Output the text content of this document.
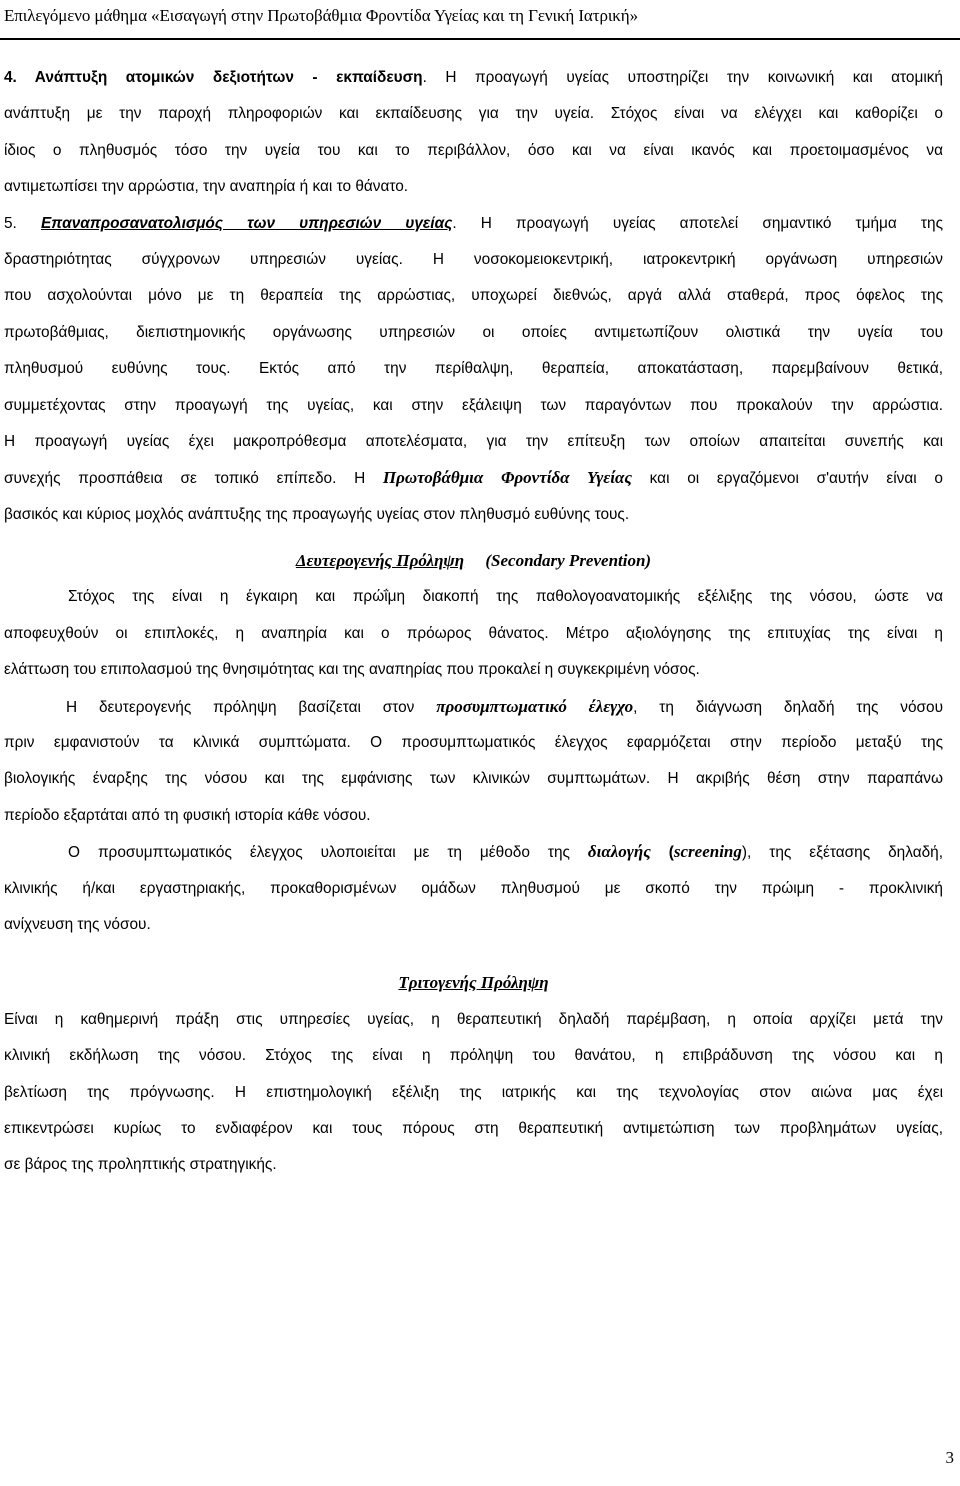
Επιλεγόμενο μάθημα «Εισαγωγή στην Πρωτοβάθμια Φροντίδα Υγείας και τη Γενική Ιατρική»
4. Ανάπτυξη ατομικών δεξιοτήτων - εκπαίδευση. Η προαγωγή υγείας υποστηρίζει την κοινωνική και ατομική
ανάπτυξη με την παροχή πληροφοριών και εκπαίδευσης για την υγεία. Στόχος είναι να ελέγχει και καθορίζει ο
ίδιος ο πληθυσμός τόσο την υγεία του και το περιβάλλον, όσο και να είναι ικανός και προετοιμασμένος να
αντιμετωπίσει την αρρώστια, την αναπηρία ή και το θάνατο.
5. Επαναπροσανατολισμός των υπηρεσιών υγείας. Η προαγωγή υγείας αποτελεί σημαντικό τμήμα της
δραστηριότητας σύγχρονων υπηρεσιών υγείας. Η νοσοκομειοκεντρική, ιατροκεντρική οργάνωση υπηρεσιών
που ασχολούνται μόνο με τη θεραπεία της αρρώστιας, υποχωρεί διεθνώς, αργά αλλά σταθερά, προς όφελος της
πρωτοβάθμιας, διεπιστημονικής οργάνωσης υπηρεσιών οι οποίες αντιμετωπίζουν ολιστικά την υγεία του
πληθυσμού ευθύνης τους. Εκτός από την περίθαλψη, θεραπεία, αποκατάσταση, παρεμβαίνουν θετικά,
συμμετέχοντας στην προαγωγή της υγείας, και στην εξάλειψη των παραγόντων που προκαλούν την αρρώστια.
Η προαγωγή υγείας έχει μακροπρόθεσμα αποτελέσματα, για την επίτευξη των οποίων απαιτείται συνεπής και
συνεχής προσπάθεια σε τοπικό επίπεδο. Η Πρωτοβάθμια Φροντίδα Υγείας και οι εργαζόμενοι σ'αυτήν είναι ο
βασικός και κύριος μοχλός ανάπτυξης της προαγωγής υγείας στον πληθυσμό ευθύνης τους.
Δευτερογενής Πρόληψη (Secondary Prevention)
Στόχος της είναι η έγκαιρη και πρώΐμη διακοπή της παθολογοανατομικής εξέλιξης της νόσου, ώστε να
αποφευχθούν οι επιπλοκές, η αναπηρία και ο πρόωρος θάνατος. Μέτρο αξιολόγησης της επιτυχίας της είναι η
ελάττωση του επιπολασμού της θνησιμότητας και της αναπηρίας που προκαλεί η συγκεκριμένη νόσος.
Η δευτερογενής πρόληψη βασίζεται στον προσυμπτωματικό έλεγχο, τη διάγνωση δηλαδή της νόσου
πριν εμφανιστούν τα κλινικά συμπτώματα. Ο προσυμπτωματικός έλεγχος εφαρμόζεται στην περίοδο μεταξύ της
βιολογικής έναρξης της νόσου και της εμφάνισης των κλινικών συμπτωμάτων. Η ακριβής θέση στην παραπάνω
περίοδο εξαρτάται από τη φυσική ιστορία κάθε νόσου.
Ο προσυμπτωματικός έλεγχος υλοποιείται με τη μέθοδο της διαλογής (screening), της εξέτασης δηλαδή,
κλινικής ή/και εργαστηριακής, προκαθορισμένων ομάδων πληθυσμού με σκοπό την πρώιμη - προκλινική
ανίχνευση της νόσου.
Τριτογενής Πρόληψη
Είναι η καθημερινή πράξη στις υπηρεσίες υγείας, η θεραπευτική δηλαδή παρέμβαση, η οποία αρχίζει μετά την
κλινική εκδήλωση της νόσου. Στόχος της είναι η πρόληψη του θανάτου, η επιβράδυνση της νόσου και η
βελτίωση της πρόγνωσης. Η επιστημολογική εξέλιξη της ιατρικής και της τεχνολογίας στον αιώνα μας έχει
επικεντρώσει κυρίως το ενδιαφέρον και τους πόρους στη θεραπευτική αντιμετώπιση των προβλημάτων υγείας,
σε βάρος της προληπτικής στρατηγικής.
3
